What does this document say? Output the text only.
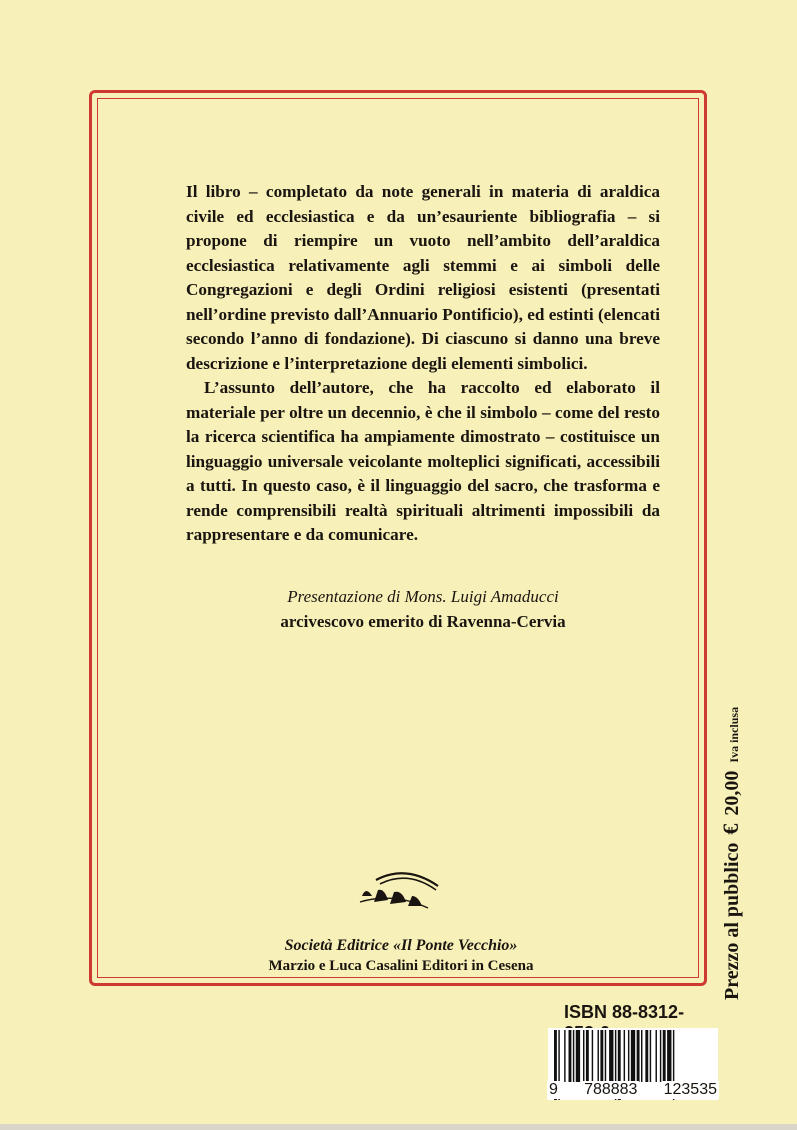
Il libro – completato da note generali in materia di araldica civile ed ecclesiastica e da un’esauriente bibliografia – si propone di riempire un vuoto nell’ambito dell’araldica ecclesiastica relativamente agli stemmi e ai simboli delle Congregazioni e degli Ordini religiosi esistenti (presentati nell’ordine previsto dall’Annuario Pontificio), ed estinti (elencati secondo l’anno di fondazione). Di ciascuno si danno una breve descrizione e l’interpretazione degli elementi simbolici.

L’assunto dell’autore, che ha raccolto ed elaborato il materiale per oltre un decennio, è che il simbolo – come del resto la ricerca scientifica ha ampiamente dimostrato – costituisce un linguaggio universale veicolante molteplici significati, accessibili a tutti. In questo caso, è il linguaggio del sacro, che trasforma e rende comprensibili realtà spirituali altrimenti impossibili da rappresentare e da comunicare.

Presentazione di Mons. Luigi Amaducci
arcivescovo emerito di Ravenna-Cervia
Società Editrice «Il Ponte Vecchio»
Marzio e Luca Casalini Editori in Cesena	Prezzo al pubblico
€
20,00
Iva inclusa
ISBN 88-8312-
9 788883 123535
